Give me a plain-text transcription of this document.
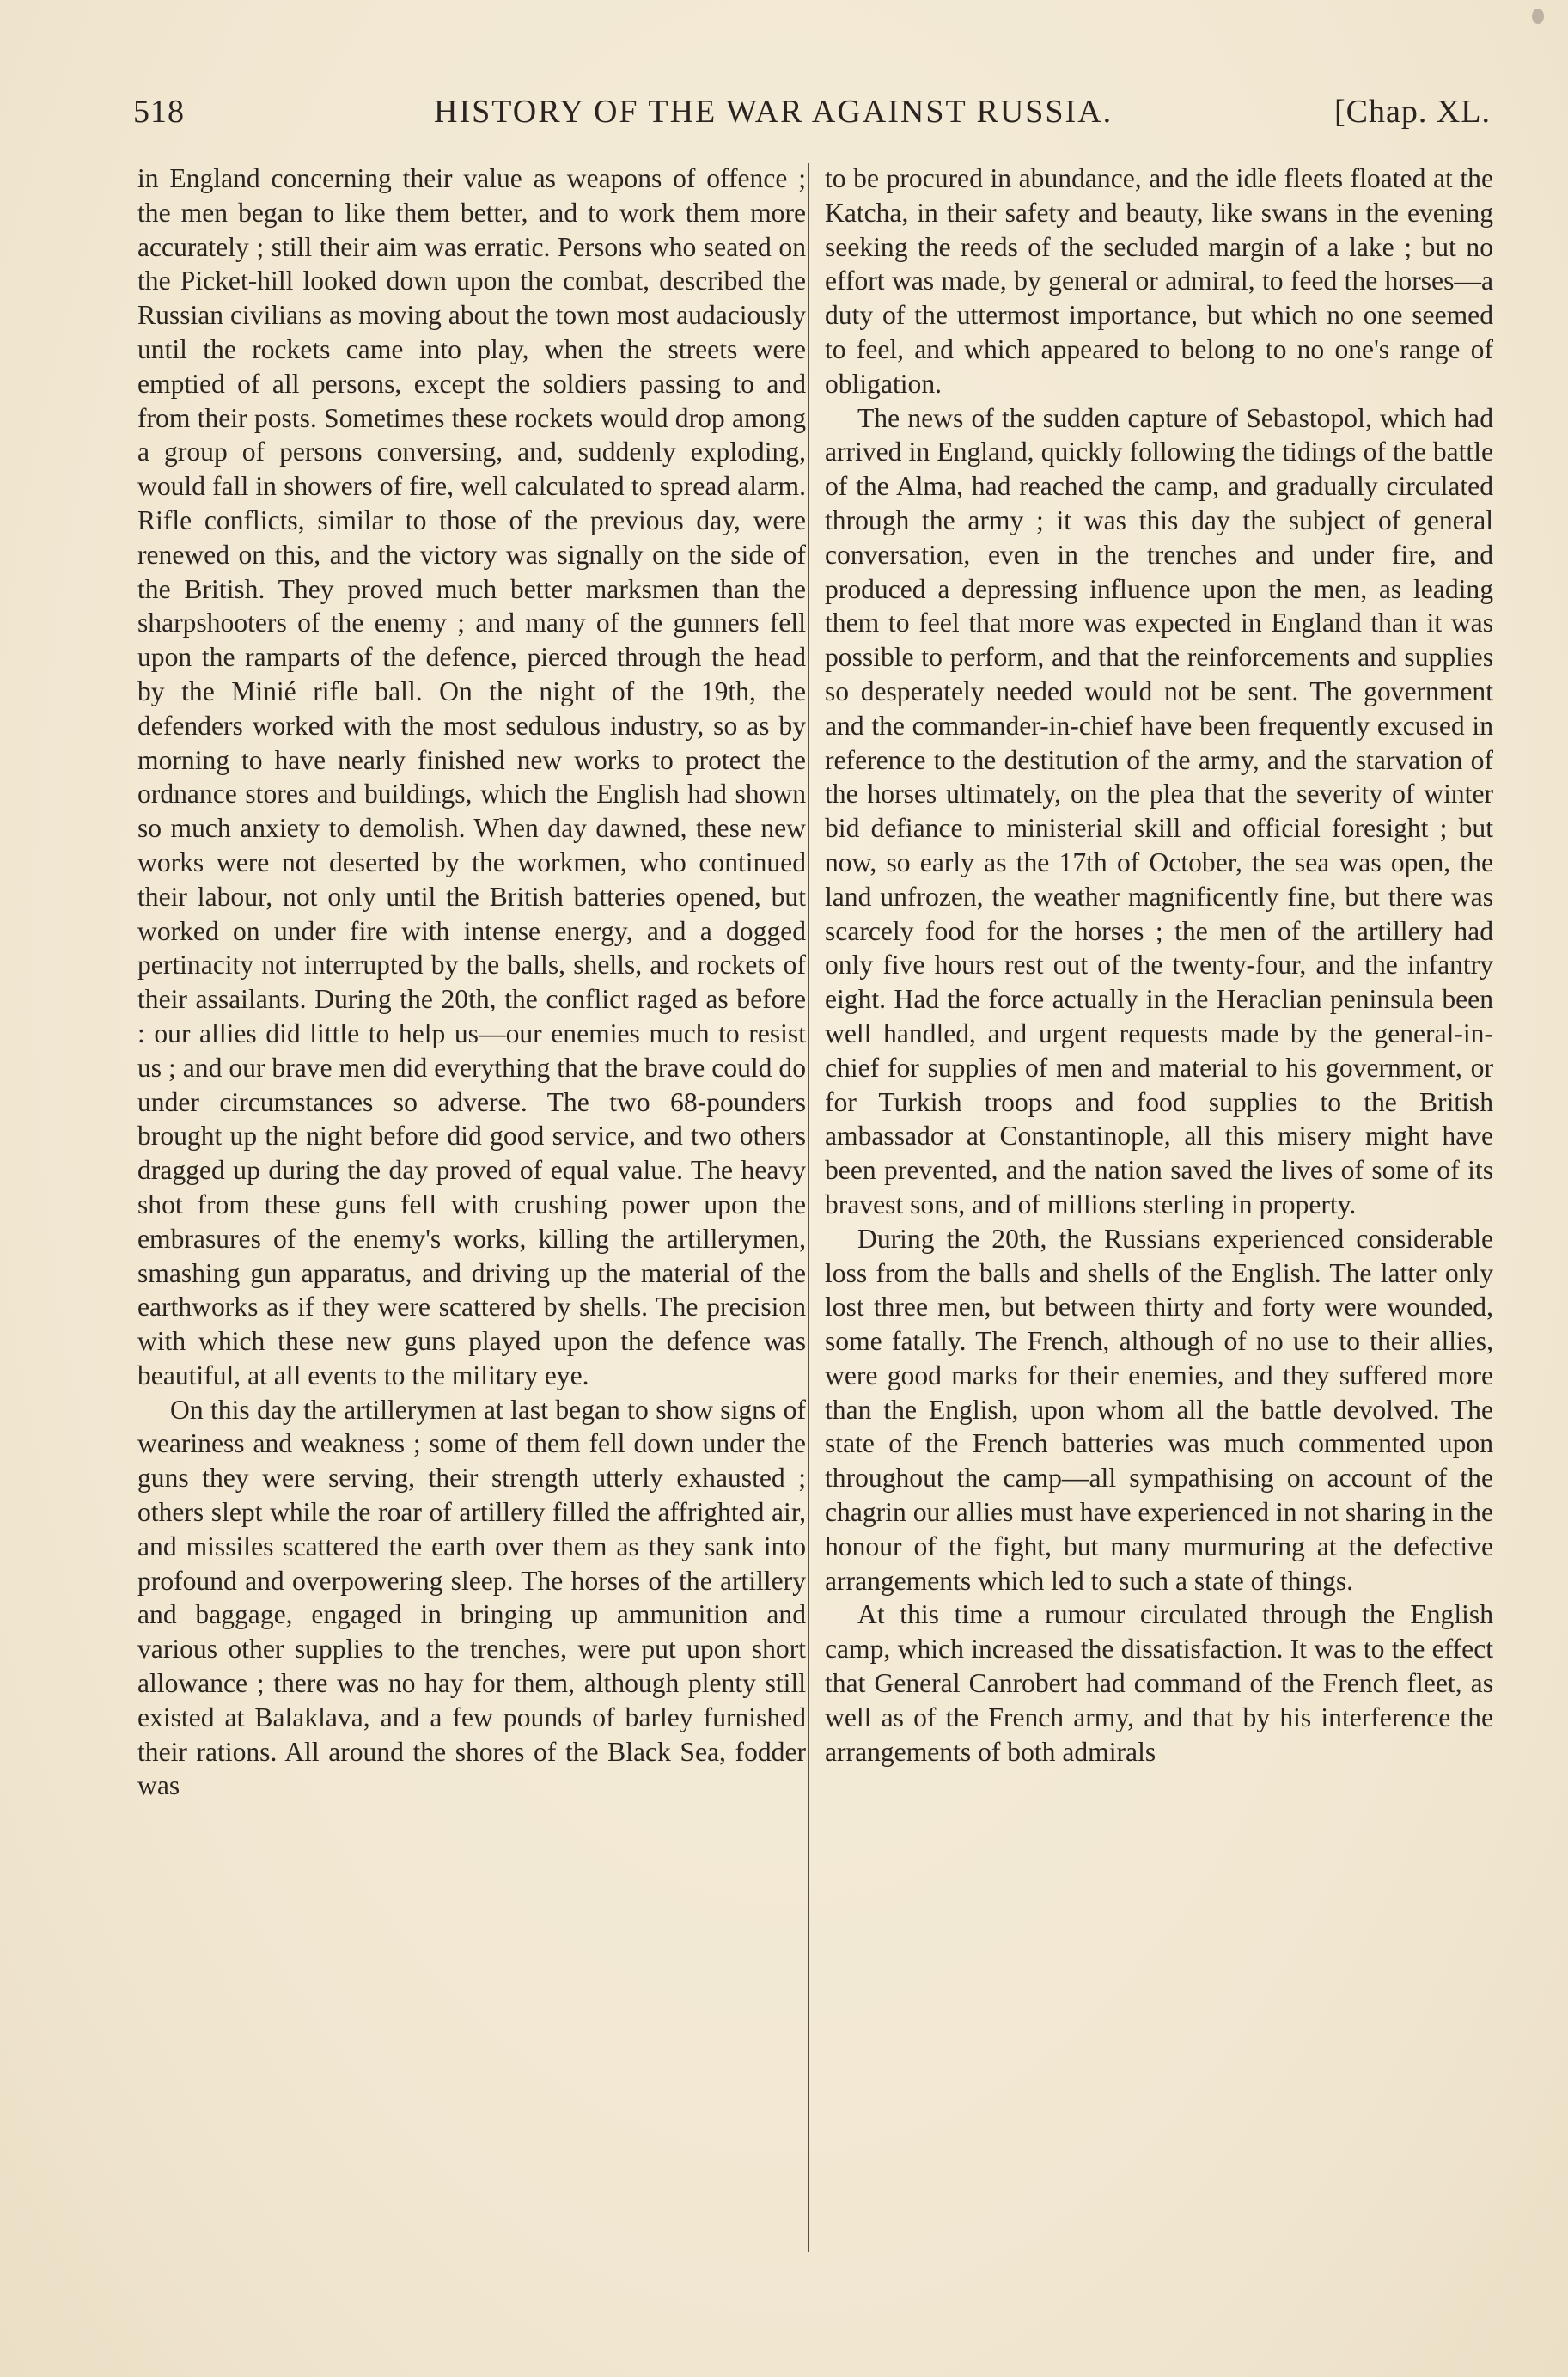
518	HISTORY OF THE WAR AGAINST RUSSIA.	[Chap. XL.

in England concerning their value as weapons of offence ; the men began to like them better, and to work them more accurately ; still their aim was erratic. Persons who seated on the Picket-hill looked down upon the combat, described the Russian civilians as moving about the town most audaciously until the rockets came into play, when the streets were emptied of all persons, except the soldiers passing to and from their posts. Sometimes these rockets would drop among a group of persons conversing, and, suddenly exploding, would fall in showers of fire, well calculated to spread alarm. Rifle conflicts, similar to those of the previous day, were renewed on this, and the victory was signally on the side of the British. They proved much better marksmen than the sharpshooters of the enemy ; and many of the gunners fell upon the ramparts of the defence, pierced through the head by the Minié rifle ball. On the night of the 19th, the defenders worked with the most sedulous industry, so as by morning to have nearly finished new works to protect the ordnance stores and buildings, which the English had shown so much anxiety to demolish. When day dawned, these new works were not deserted by the workmen, who continued their labour, not only until the British batteries opened, but worked on under fire with intense energy, and a dogged pertinacity not interrupted by the balls, shells, and rockets of their assailants. During the 20th, the conflict raged as before : our allies did little to help us—our enemies much to resist us ; and our brave men did everything that the brave could do under circumstances so adverse. The two 68-pounders brought up the night before did good service, and two others dragged up during the day proved of equal value. The heavy shot from these guns fell with crushing power upon the embrasures of the enemy's works, killing the artillerymen, smashing gun apparatus, and driving up the material of the earthworks as if they were scattered by shells. The precision with which these new guns played upon the defence was beautiful, at all events to the military eye.

On this day the artillerymen at last began to show signs of weariness and weakness ; some of them fell down under the guns they were serving, their strength utterly exhausted ; others slept while the roar of artillery filled the affrighted air, and missiles scattered the earth over them as they sank into profound and overpowering sleep. The horses of the artillery and baggage, engaged in bringing up ammunition and various other supplies to the trenches, were put upon short allowance ; there was no hay for them, although plenty still existed at Balaklava, and a few pounds of barley furnished their rations. All around the shores of the Black Sea, fodder was

to be procured in abundance, and the idle fleets floated at the Katcha, in their safety and beauty, like swans in the evening seeking the reeds of the secluded margin of a lake ; but no effort was made, by general or admiral, to feed the horses—a duty of the uttermost importance, but which no one seemed to feel, and which appeared to belong to no one's range of obligation.

The news of the sudden capture of Sebastopol, which had arrived in England, quickly following the tidings of the battle of the Alma, had reached the camp, and gradually circulated through the army ; it was this day the subject of general conversation, even in the trenches and under fire, and produced a depressing influence upon the men, as leading them to feel that more was expected in England than it was possible to perform, and that the reinforcements and supplies so desperately needed would not be sent. The government and the commander-in-chief have been frequently excused in reference to the destitution of the army, and the starvation of the horses ultimately, on the plea that the severity of winter bid defiance to ministerial skill and official foresight ; but now, so early as the 17th of October, the sea was open, the land unfrozen, the weather magnificently fine, but there was scarcely food for the horses ; the men of the artillery had only five hours rest out of the twenty-four, and the infantry eight. Had the force actually in the Heraclian peninsula been well handled, and urgent requests made by the general-in-chief for supplies of men and material to his government, or for Turkish troops and food supplies to the British ambassador at Constantinople, all this misery might have been prevented, and the nation saved the lives of some of its bravest sons, and of millions sterling in property.

During the 20th, the Russians experienced considerable loss from the balls and shells of the English. The latter only lost three men, but between thirty and forty were wounded, some fatally. The French, although of no use to their allies, were good marks for their enemies, and they suffered more than the English, upon whom all the battle devolved. The state of the French batteries was much commented upon throughout the camp—all sympathising on account of the chagrin our allies must have experienced in not sharing in the honour of the fight, but many murmuring at the defective arrangements which led to such a state of things.

At this time a rumour circulated through the English camp, which increased the dissatisfaction. It was to the effect that General Canrobert had command of the French fleet, as well as of the French army, and that by his interference the arrangements of both admirals
